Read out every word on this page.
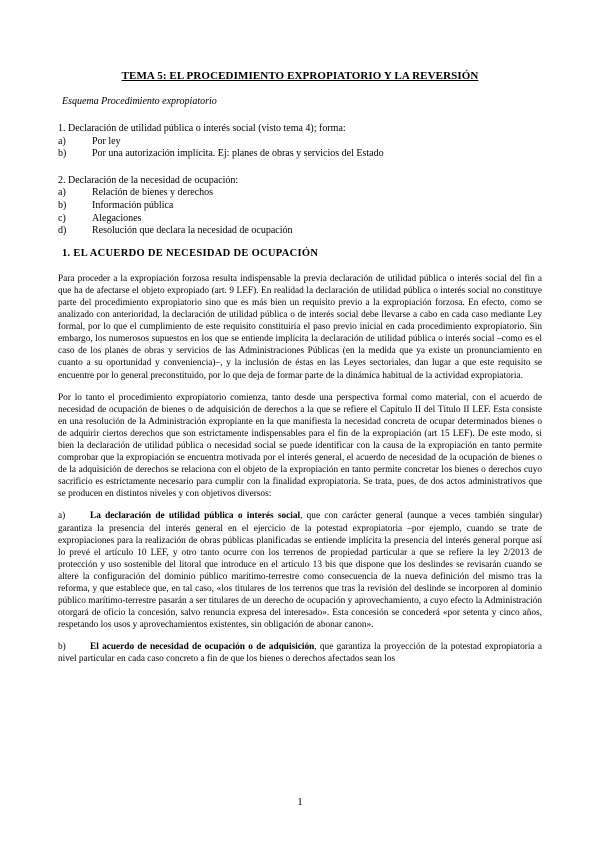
TEMA 5: EL PROCEDIMIENTO EXPROPIATORIO Y LA REVERSIÓN
Esquema Procedimiento expropiatorio
1. Declaración de utilidad pública o interés social (visto tema 4); forma:
a)	Por ley
b)	Por una autorización implícita. Ej: planes de obras y servicios del Estado
2. Declaración de la necesidad de ocupación:
a)	Relación de bienes y derechos
b)	Información pública
c)	Alegaciones
d)	Resolución que declara la necesidad de ocupación
1. EL ACUERDO DE NECESIDAD DE OCUPACIÓN

Para proceder a la expropiación forzosa resulta indispensable la previa declaración de utilidad pública o interés social del fin a que ha de afectarse el objeto expropiado (art. 9 LEF). En realidad la declaración de utilidad pública o interés social no constituye parte del procedimiento expropiatorio sino que es más bien un requisito previo a la expropiación forzosa. En efecto, como se analizado con anterioridad, la declaración de utilidad pública o de interés social debe llevarse a cabo en cada caso mediante Ley formal, por lo que el cumplimiento de este requisito constituiría el paso previo inicial en cada procedimiento expropiatorio. Sin embargo, los numerosos supuestos en los que se entiende implícita la declaración de utilidad pública o interés social –como es el caso de los planes de obras y servicios de las Administraciones Públicas (en la medida que ya existe un pronunciamiento en cuanto a su oportunidad y conveniencia)–, y la inclusión de éstas en las Leyes sectoriales, dan lugar a que este requisito se encuentre por lo general preconstituido, por lo que deja de formar parte de la dinámica habitual de la actividad expropiatoria.

Por lo tanto el procedimiento expropiatorio comienza, tanto desde una perspectiva formal como material, con el acuerdo de necesidad de ocupación de bienes o de adquisición de derechos a la que se refiere el Capítulo II del Título II LEF. Esta consiste en una resolución de la Administración expropiante en la que manifiesta la necesidad concreta de ocupar determinados bienes o de adquirir ciertos derechos que son estrictamente indispensables para el fin de la expropiación (art 15 LEF). De este modo, si bien la declaración de utilidad pública o necesidad social se puede identificar con la causa de la expropiación en tanto permite comprobar que la expropiación se encuentra motivada por el interés general, el acuerdo de necesidad de la ocupación de bienes o de la adquisición de derechos se relaciona con el objeto de la expropiación en tanto permite concretar los bienes o derechos cuyo sacrificio es estrictamente necesario para cumplir con la finalidad expropiatoria. Se trata, pues, de dos actos administrativos que se producen en distintos niveles y con objetivos diversos:

a)	La declaración de utilidad pública o interés social, que con carácter general (aunque a veces también singular) garantiza la presencia del interés general en el ejercicio de la potestad expropiatoria –por ejemplo, cuando se trate de expropiaciones para la realización de obras públicas planificadas se entiende implícita la presencia del interés general porque así lo prevé el artículo 10 LEF, y otro tanto ocurre con los terrenos de propiedad particular a que se refiere la ley 2/2013 de protección y uso sostenible del litoral que introduce en el artículo 13 bis que dispone que los deslindes se revisarán cuando se altere la configuración del dominio público marítimo-terrestre como consecuencia de la nueva definición del mismo tras la reforma, y que establece que, en tal caso, «los titulares de los terrenos que tras la revisión del deslinde se incorporen al dominio público marítimo-terrestre pasarán a ser titulares de un derecho de ocupación y aprovechamiento, a cuyo efecto la Administración otorgará de oficio la concesión, salvo renuncia expresa del interesado». Esta concesión se concederá «por setenta y cinco años, respetando los usos y aprovechamientos existentes, sin obligación de abonar canon».

b)	El acuerdo de necesidad de ocupación o de adquisición, que garantiza la proyección de la potestad expropiatoria a nivel particular en cada caso concreto a fin de que los bienes o derechos afectados sean los

1
